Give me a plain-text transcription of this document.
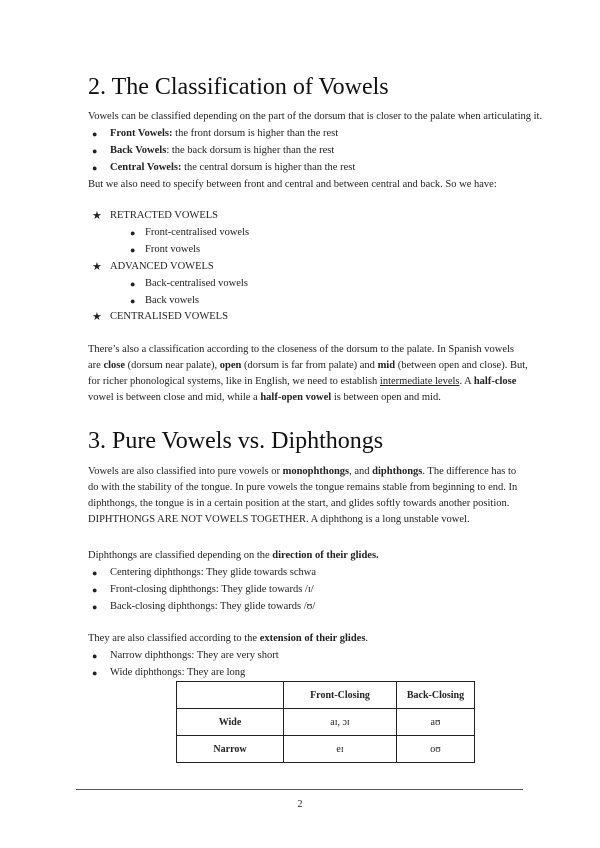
2. The Classification of Vowels

Vowels can be classified depending on the part of the dorsum that is closer to the palate when articulating it.

● Front Vowels: the front dorsum is higher than the rest
● Back Vowels: the back dorsum is higher than the rest
● Central Vowels: the central dorsum is higher than the rest
But we also need to specify between front and central and between central and back. So we have:
★ RETRACTED VOWELS
● Front-centralised vowels
● Front vowels
★ ADVANCED VOWELS
● Back-centralised vowels
● Back vowels
★ CENTRALISED VOWELS

There’s also a classification according to the closeness of the dorsum to the palate. In Spanish vowels are close (dorsum near palate), open (dorsum is far from palate) and mid (between open and close). But, for richer phonological systems, like in English, we need to establish intermediate levels. A half-close vowel is between close and mid, while a half-open vowel is between open and mid.

3. Pure Vowels vs. Diphthongs

Vowels are also classified into pure vowels or monophthongs, and diphthongs. The difference has to do with the stability of the tongue. In pure vowels the tongue remains stable from beginning to end. In diphthongs, the tongue is in a certain position at the start, and glides softly towards another position. DIPHTHONGS ARE NOT VOWELS TOGETHER. A diphthong is a long unstable vowel.

Diphthongs are classified depending on the direction of their glides.
● Centering diphthongs: They glide towards schwa
● Front-closing diphthongs: They glide towards /ɪ/
● Back-closing diphthongs: They glide towards /ʊ/
They are also classified according to the extension of their glides.
● Narrow diphthongs: They are very short
● Wide diphthongs: They are long
	Front-Closing	Back-Closing
Wide	aɪ, ɔɪ	aʊ
Narrow	eɪ	oʊ
2
